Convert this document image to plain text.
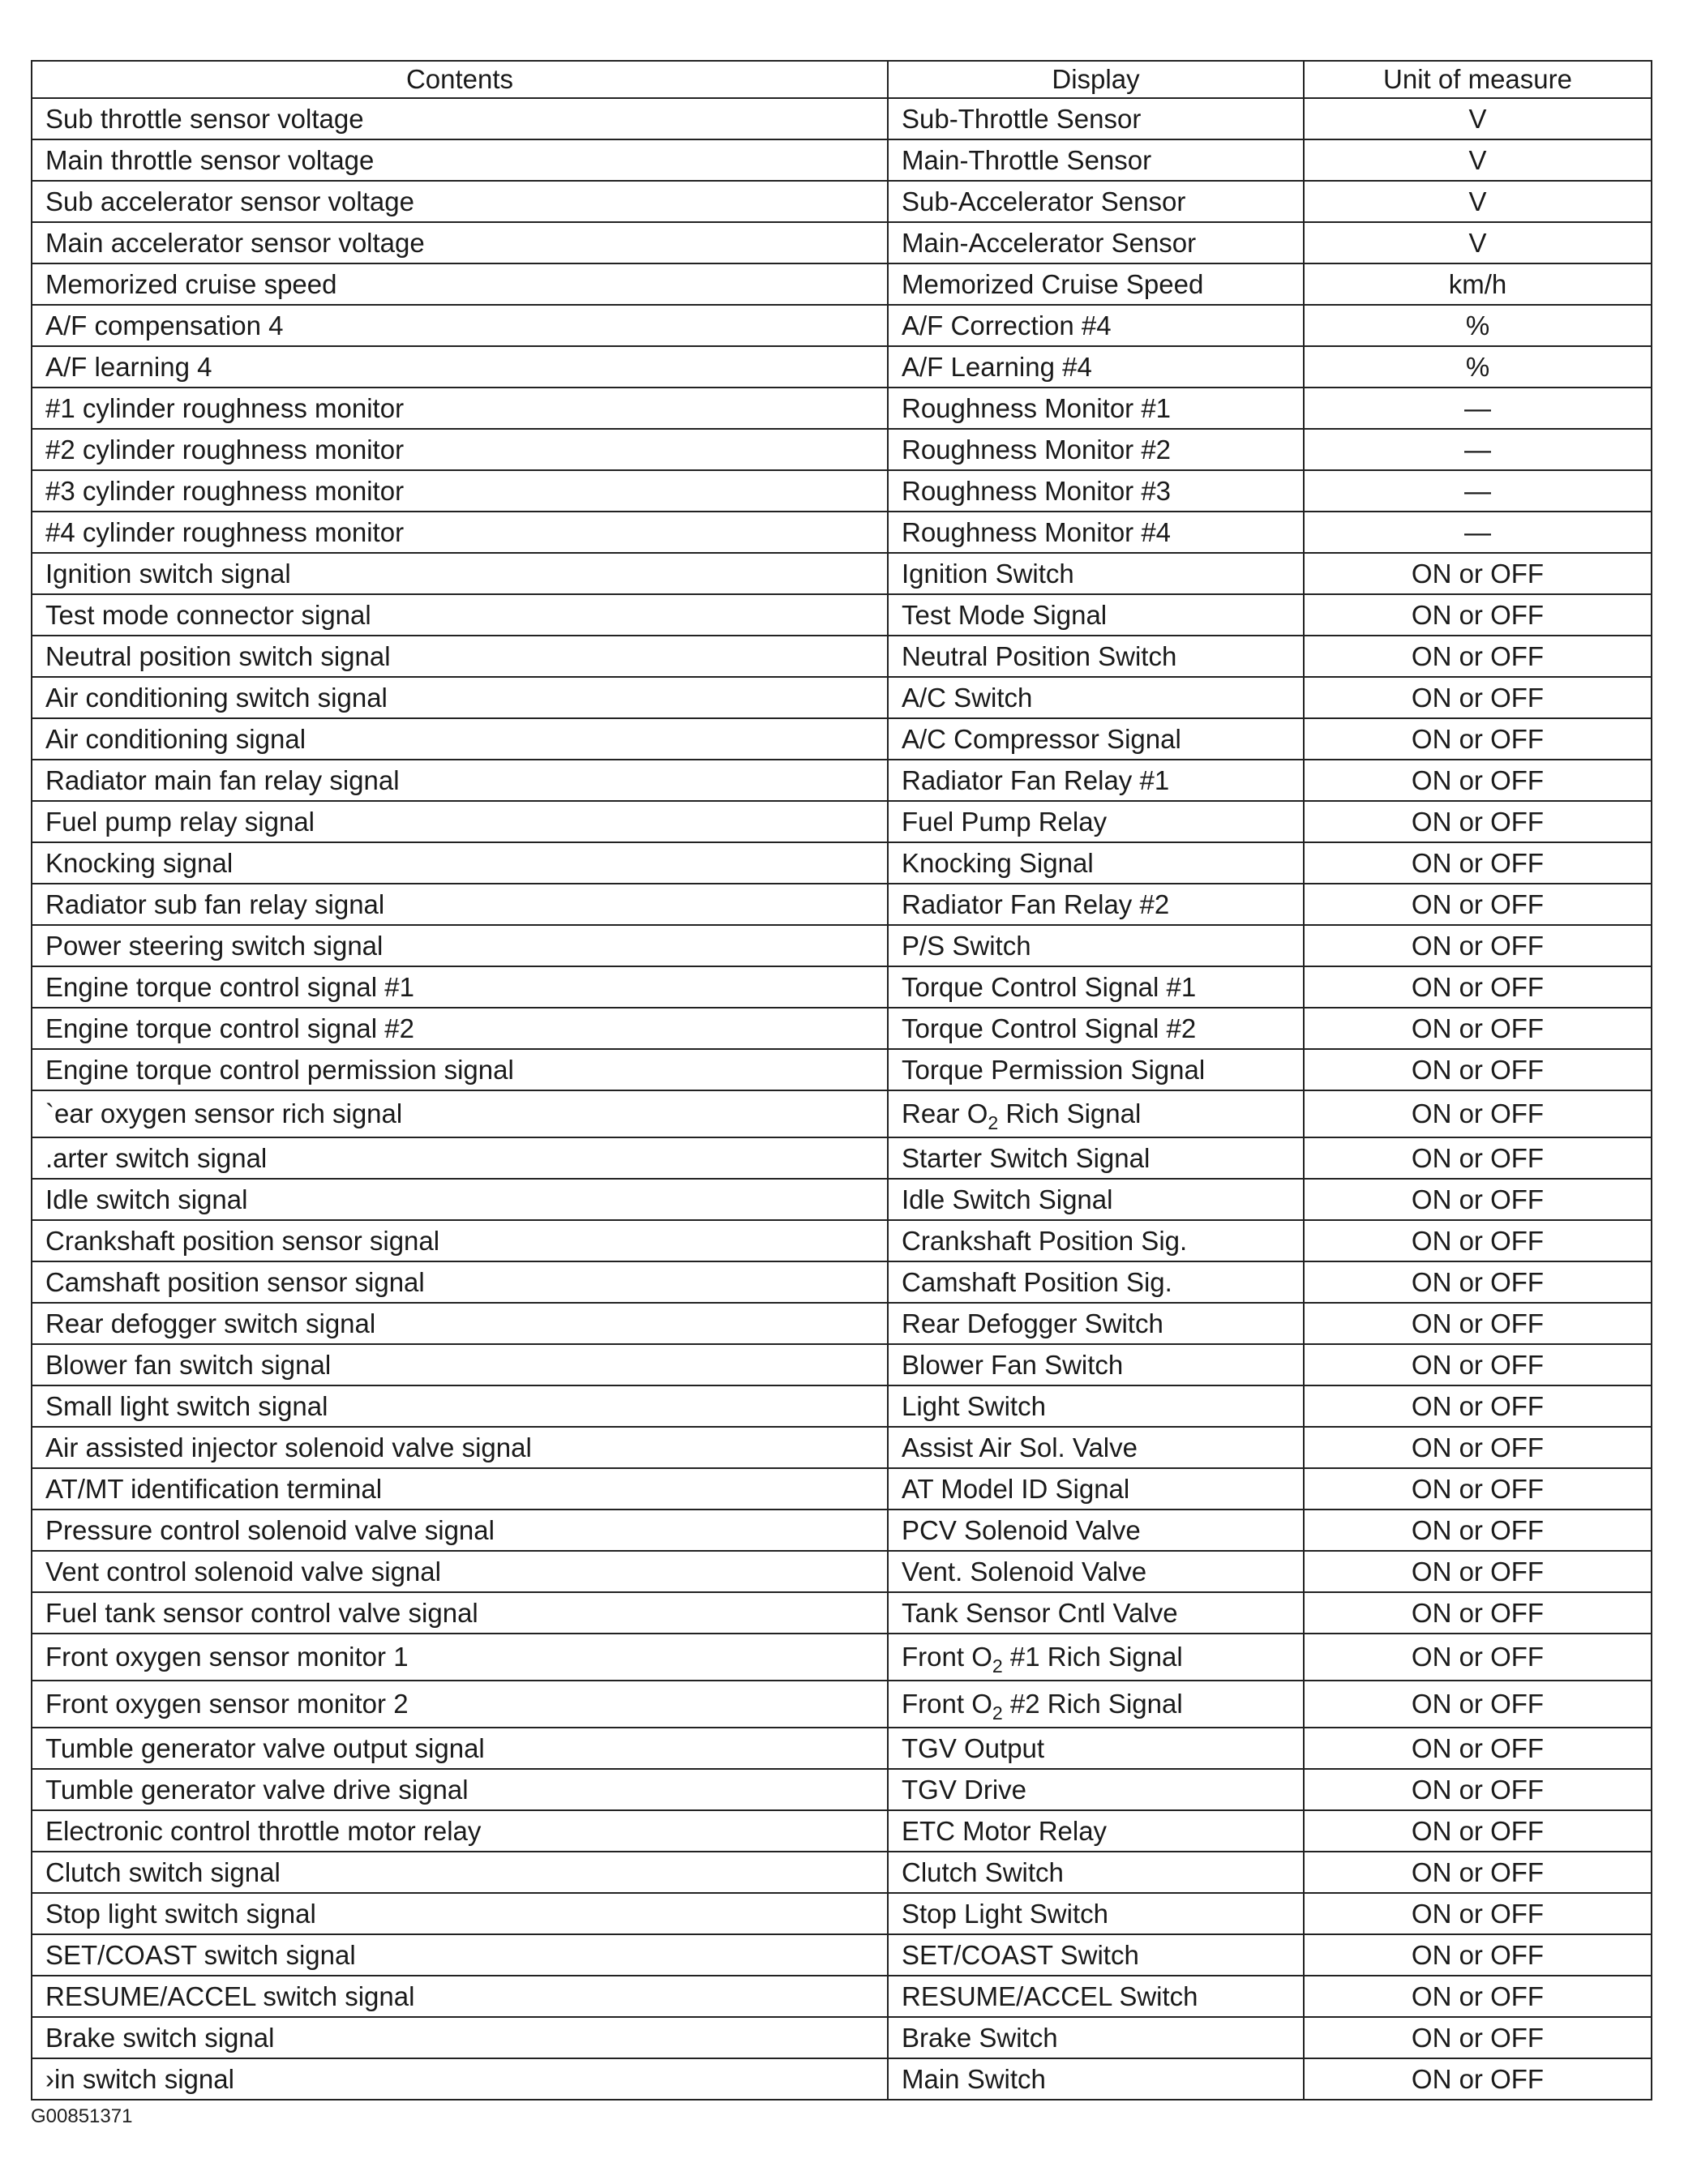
Contents	Display	Unit of measure
Sub throttle sensor voltage	Sub-Throttle Sensor	V
Main throttle sensor voltage	Main-Throttle Sensor	V
Sub accelerator sensor voltage	Sub-Accelerator Sensor	V
Main accelerator sensor voltage	Main-Accelerator Sensor	V
Memorized cruise speed	Memorized Cruise Speed	km/h
A/F compensation 4	A/F Correction #4	%
A/F learning 4	A/F Learning #4	%
#1 cylinder roughness monitor	Roughness Monitor #1	—
#2 cylinder roughness monitor	Roughness Monitor #2	—
#3 cylinder roughness monitor	Roughness Monitor #3	—
#4 cylinder roughness monitor	Roughness Monitor #4	—
Ignition switch signal	Ignition Switch	ON or OFF
Test mode connector signal	Test Mode Signal	ON or OFF
Neutral position switch signal	Neutral Position Switch	ON or OFF
Air conditioning switch signal	A/C Switch	ON or OFF
Air conditioning signal	A/C Compressor Signal	ON or OFF
Radiator main fan relay signal	Radiator Fan Relay #1	ON or OFF
Fuel pump relay signal	Fuel Pump Relay	ON or OFF
Knocking signal	Knocking Signal	ON or OFF
Radiator sub fan relay signal	Radiator Fan Relay #2	ON or OFF
Power steering switch signal	P/S Switch	ON or OFF
Engine torque control signal #1	Torque Control Signal #1	ON or OFF
Engine torque control signal #2	Torque Control Signal #2	ON or OFF
Engine torque control permission signal	Torque Permission Signal	ON or OFF
`ear oxygen sensor rich signal	Rear $O_2$ Rich Signal	ON or OFF
.arter switch signal	Starter Switch Signal	ON or OFF
Idle switch signal	Idle Switch Signal	ON or OFF
Crankshaft position sensor signal	Crankshaft Position Sig.	ON or OFF
Camshaft position sensor signal	Camshaft Position Sig.	ON or OFF
Rear defogger switch signal	Rear Defogger Switch	ON or OFF
Blower fan switch signal	Blower Fan Switch	ON or OFF
Small light switch signal	Light Switch	ON or OFF
Air assisted injector solenoid valve signal	Assist Air Sol. Valve	ON or OFF
AT/MT identification terminal	AT Model ID Signal	ON or OFF
Pressure control solenoid valve signal	PCV Solenoid Valve	ON or OFF
Vent control solenoid valve signal	Vent. Solenoid Valve	ON or OFF
Fuel tank sensor control valve signal	Tank Sensor Cntl Valve	ON or OFF
Front oxygen sensor monitor 1	Front $O_2$ #1 Rich Signal	ON or OFF
Front oxygen sensor monitor 2	Front $O_2$ #2 Rich Signal	ON or OFF
Tumble generator valve output signal	TGV Output	ON or OFF
Tumble generator valve drive signal	TGV Drive	ON or OFF
Electronic control throttle motor relay	ETC Motor Relay	ON or OFF
Clutch switch signal	Clutch Switch	ON or OFF
Stop light switch signal	Stop Light Switch	ON or OFF
SET/COAST switch signal	SET/COAST Switch	ON or OFF
RESUME/ACCEL switch signal	RESUME/ACCEL Switch	ON or OFF
Brake switch signal	Brake Switch	ON or OFF
›in switch signal	Main Switch	ON or OFF
G00851371
